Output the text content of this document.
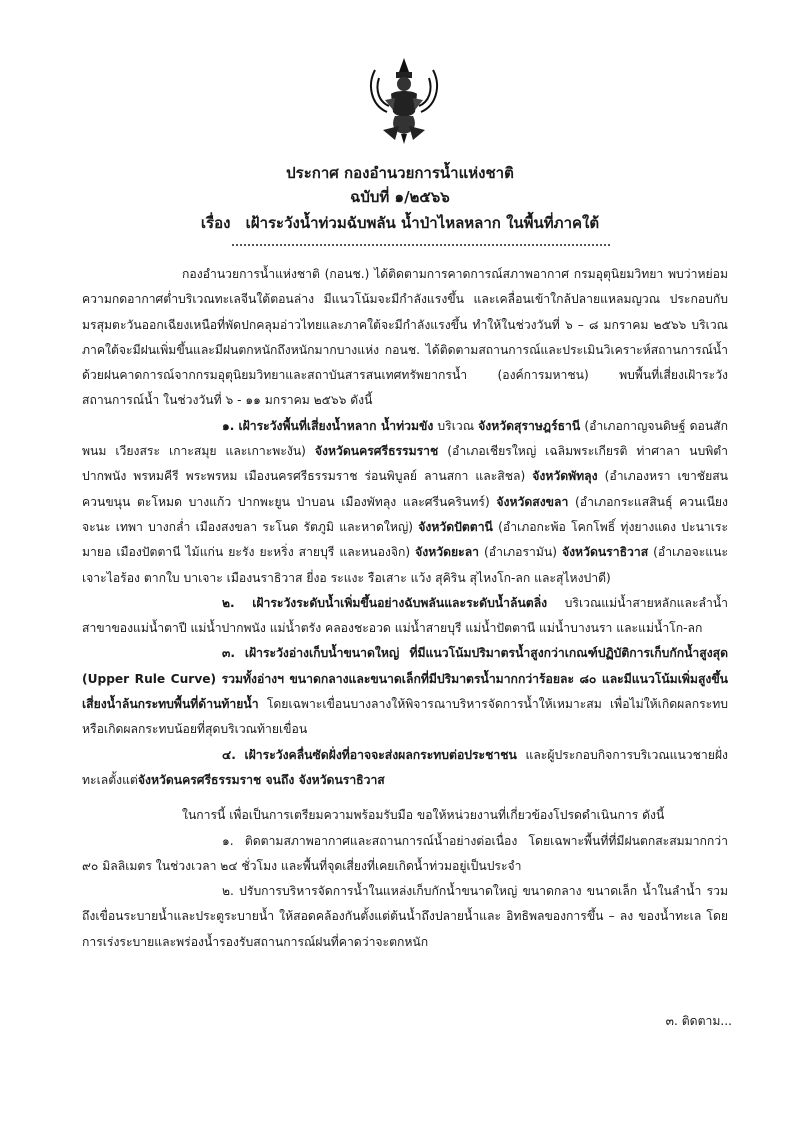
ประกาศ กองอำนวยการน้ำแห่งชาติ
ฉบับที่ ๑/๒๕๖๖
เรื่อง เฝ้าระวังน้ำท่วมฉับพลัน น้ำป่าไหลหลาก ในพื้นที่ภาคใต้

กองอำนวยการน้ำแห่งชาติ (กอนช.) ได้ติดตามการคาดการณ์สภาพอากาศ กรมอุตุนิยมวิทยา พบว่าหย่อมความกดอากาศต่ำบริเวณทะเลจีนใต้ตอนล่าง มีแนวโน้มจะมีกำลังแรงขึ้น และเคลื่อนเข้าใกล้ปลายแหลมญวณ ประกอบกับมรสุมตะวันออกเฉียงเหนือที่พัดปกคลุมอ่าวไทยและภาคใต้จะมีกำลังแรงขึ้น ทำให้ในช่วงวันที่ ๖ – ๘ มกราคม ๒๕๖๖ บริเวณภาคใต้จะมีฝนเพิ่มขึ้นและมีฝนตกหนักถึงหนักมากบางแห่ง กอนช. ได้ติดตามสถานการณ์และประเมินวิเคราะห์สถานการณ์น้ำด้วยฝนคาดการณ์จากกรมอุตุนิยมวิทยาและสถาบันสารสนเทศทรัพยากรน้ำ (องค์การมหาชน) พบพื้นที่เสี่ยงเฝ้าระวังสถานการณ์น้ำ ในช่วงวันที่ ๖ - ๑๑ มกราคม ๒๕๖๖ ดังนี้

๑. เฝ้าระวังพื้นที่เสี่ยงน้ำหลาก น้ำท่วมขัง บริเวณ จังหวัดสุราษฎร์ธานี (อำเภอกาญจนดิษฐ์ ดอนสัก พนม เวียงสระ เกาะสมุย และเกาะพะงัน) จังหวัดนครศรีธรรมราช (อำเภอเชียรใหญ่ เฉลิมพระเกียรติ ท่าศาลา นบพิตำ ปากพนัง พรหมคีรี พระพรหม เมืองนครศรีธรรมราช ร่อนพิบูลย์ ลานสกา และสิชล) จังหวัดพัทลุง (อำเภองหรา เขาชัยสน ควนขนุน ตะโหมด บางแก้ว ปากพะยูน ป่าบอน เมืองพัทลุง และศรีนครินทร์) จังหวัดสงขลา (อำเภอกระแสสินธุ์ ควนเนียง จะนะ เทพา บางกล่ำ เมืองสงขลา ระโนด รัตภูมิ และหาดใหญ่) จังหวัดปัตตานี (อำเภอกะพ้อ โคกโพธิ์ ทุ่งยางแดง ปะนาเระ มายอ เมืองปัตตานี ไม้แก่น ยะรัง ยะหริ่ง สายบุรี และหนองจิก) จังหวัดยะลา (อำเภอรามัน) จังหวัดนราธิวาส (อำเภอจะแนะ เจาะไอร้อง ตากใบ บาเจาะ เมืองนราธิวาส ยี่งอ ระแงะ รือเสาะ แว้ง สุคิริน สุไหงโก-ลก และสุไหงปาดี)

๒. เฝ้าระวังระดับน้ำเพิ่มขึ้นอย่างฉับพลันและระดับน้ำล้นตลิ่ง บริเวณแม่น้ำสายหลักและลำน้ำสาขาของแม่น้ำตาปี แม่น้ำปากพนัง แม่น้ำตรัง คลองชะอวด แม่น้ำสายบุรี แม่น้ำปัตตานี แม่น้ำบางนรา และแม่น้ำโก-ลก

๓. เฝ้าระวังอ่างเก็บน้ำขนาดใหญ่ ที่มีแนวโน้มปริมาตรน้ำสูงกว่าเกณฑ์ปฏิบัติการเก็บกักน้ำสูงสุด (Upper Rule Curve) รวมทั้งอ่างฯ ขนาดกลางและขนาดเล็กที่มีปริมาตรน้ำมากกว่าร้อยละ ๘๐ และมีแนวโน้มเพิ่มสูงขึ้น เสี่ยงน้ำล้นกระทบพื้นที่ด้านท้ายน้ำ โดยเฉพาะเขื่อนบางลางให้พิจารณาบริหารจัดการน้ำให้เหมาะสม เพื่อไม่ให้เกิดผลกระทบหรือเกิดผลกระทบน้อยที่สุดบริเวณท้ายเขื่อน

๔. เฝ้าระวังคลื่นซัดฝั่งที่อาจจะส่งผลกระทบต่อประชาชน และผู้ประกอบกิจการบริเวณแนวชายฝั่งทะเลตั้งแต่จังหวัดนครศรีธรรมราช จนถึง จังหวัดนราธิวาส

ในการนี้ เพื่อเป็นการเตรียมความพร้อมรับมือ ขอให้หน่วยงานที่เกี่ยวข้องโปรดดำเนินการ ดังนี้

๑. ติดตามสภาพอากาศและสถานการณ์น้ำอย่างต่อเนื่อง โดยเฉพาะพื้นที่ที่มีฝนตกสะสมมากกว่า ๙๐ มิลลิเมตร ในช่วงเวลา ๒๔ ชั่วโมง และพื้นที่จุดเสี่ยงที่เคยเกิดน้ำท่วมอยู่เป็นประจำ

๒. ปรับการบริหารจัดการน้ำในแหล่งเก็บกักน้ำขนาดใหญ่ ขนาดกลาง ขนาดเล็ก น้ำในลำน้ำ รวมถึงเขื่อนระบายน้ำและประตูระบายน้ำ ให้สอดคล้องกันตั้งแต่ต้นน้ำถึงปลายน้ำและ อิทธิพลของการขึ้น – ลง ของน้ำทะเล โดยการเร่งระบายและพร่องน้ำรองรับสถานการณ์ฝนที่คาดว่าจะตกหนัก

๓. ติดตาม...
